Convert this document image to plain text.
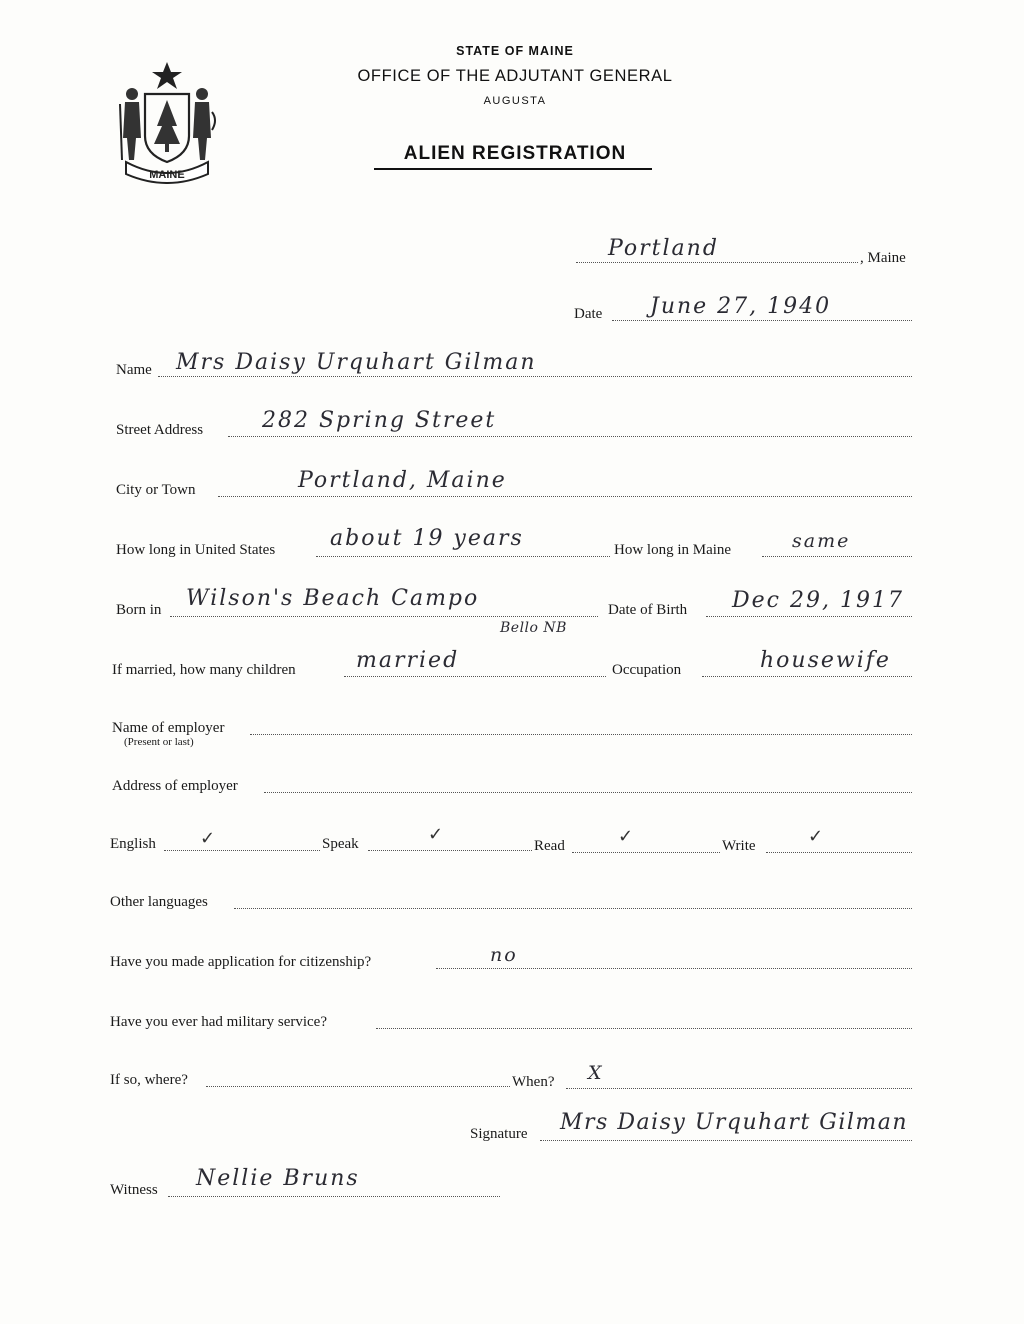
MAINE
STATE OF MAINE
OFFICE OF THE ADJUTANT GENERAL
AUGUSTA
ALIEN REGISTRATION
Portland	, Maine
Date June 27, 1940
Name Mrs Daisy Urquhart Gilman
Street Address	282 Spring Street
City or Town	Portland, Maine
How long in United States about 19 years	How long in Maine	same
Born in Wilson's Beach Campo
Bello NB
Date of Birth Dec 29, 1917
If married, how many children	married	Occupation	housewife
Name of employer
(Present or last)
Address of employer
English ✓	Speak	✓
Read	✓	Write	✓
Other languages
Have you made application for citizenship?	no
Have you ever had military service?
If so, where?	When? X
Signature Mrs Daisy Urquhart Gilman
Witness Nellie Bruns
